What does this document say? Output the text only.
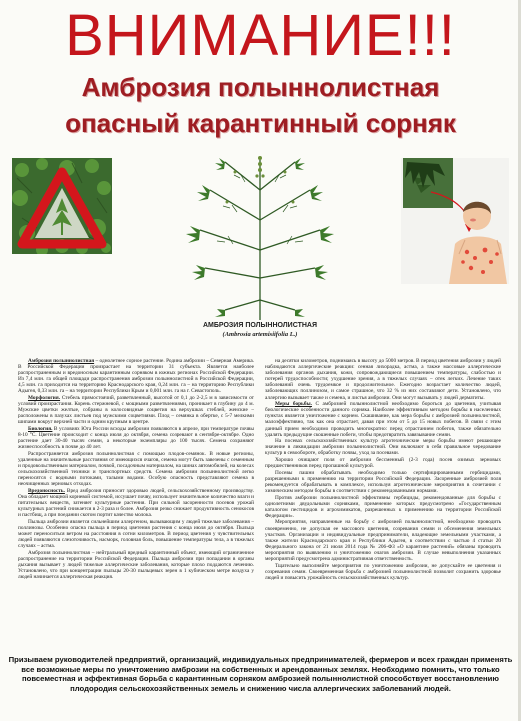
ВНИМАНИЕ!!!
Амброзия полыннолистная
опасный карантинный сорняк
АМБРОЗИЯ ПОЛЫННОЛИСТНАЯ
(Ambrosia artemisiifolia L.)

Амброзия полыннолистная – однолетнее сорное растение. Родина амброзии – Северная Америка. В Российской Федерации произрастает на территории 31 субъекта. Является наиболее распространенным и вредоносным карантинным сорняком в южных регионах Российской Федерации. Из 7,4 млн. га общей площади распространения амброзии полыннолистной в Российской Федерации, 4,5 млн. га приходится на территорию Краснодарского края, 0,24 млн. га – на территорию Республики Адыгея, 0,33 млн. га – на территории Республики Крым и 0,001 млн. га на г. Севастополь.

Морфология. Стебель прямостоячий, разветвленный, высотой от 0,1 до 2-2,5 м в зависимости от условий произрастания. Корень стержневой, с мощными разветвлениями, проникает в глубину до 4 м. Мужские цветки желтые, собраны в колосовидные соцветия на верхушках стеблей, женские – расположены в пазухах листьев под мужскими соцветиями. Плод – семянка в обертке, с 5-7 мелкими шипами вокруг верхней части и одним крупным в центре.

Биология. В условиях Юга России всходы амброзии появляются в апреле, при температуре почвы 8-10 °С. Цветение происходит с конца июля до октября, семена созревают в сентябре-октябре. Одно растение дает 30-40 тысяч семян, а некоторые экземпляры до 100 тысяч. Семена сохраняют жизнеспособность в почве до 40 лет.

Распространяется амброзия полыннолистная с помощью плодов-семянок. В новые регионы, удаленные на значительные расстояния от имеющихся очагов, семена могут быть завезены с семенным и продовольственным материалом, почвой, посадочным материалом, на шинах автомобилей, на колесах сельскохозяйственной техники и транспортных средств. Семена амброзии полыннолистной легко переносятся с водными потоками, талыми водами. Особую опасность представляют семена в неочищенных зерновых отходах.

Вредоносность. Вред амброзия приносит здоровью людей, сельскохозяйственному производству. Она обладает мощной корневой системой, иссушает почву, использует значительное количество влаги и питательных веществ, затеняет культурные растения. При сильной засоренности посевов урожай культурных растений снижается в 2-3 раза и более. Амброзия резко снижает продуктивность сенокосов и пастбищ, а при поедании скотом портит качество молока.

Пыльца амброзии является сильнейшим аллергеном, вызывающим у людей тяжелые заболевания – поллинозы. Особенно опасна пыльца в период цветения растения с конца июля до октября. Пыльца может переноситься ветром на расстояния в сотни километров. В период цветения у чувствительных людей появляются слезоточивость, насморк, головная боль, повышение температуры тела, а в тяжелых случаях – астма.

Амброзия полыннолистная – нейтральный вредный карантинный объект, имеющий ограниченное распространение на территории Российской Федерации. Пыльца амброзии при попадании в органы дыхания вызывает у людей тяжелые аллергические заболевания, которые плохо поддаются лечению. Установлено, что при концентрации пыльцы 20-30 пыльцевых зерен в 1 кубическом метре воздуха у людей начинается аллергическая реакция.

на десятки километров, поднимаясь в высоту до 5000 метров. В период цветения амброзии у людей наблюдаются аллергические реакции: сенная лихорадка, астма, а также массовые аллергические заболевания органов дыхания, кожи, сопровождающиеся повышением температуры, слабостью и потерей трудоспособности; ухудшение зрения, а в тяжелых случаях – отек легких. Лечение таких заболеваний очень трудоемкое и продолжительное. Ежегодно возрастает количество людей, заболевающих поллинозом, и самое страшное, что 32 % из них составляют дети. Установлено, что аллергию вызывает также и семена, и листья амброзии. Они могут вызывать у людей дерматиты.

Меры борьбы. С амброзией полыннолистной необходимо бороться до цветения, учитывая биологические особенности данного сорняка. Наиболее эффективным методом борьбы в населенных пунктах является уничтожение с корнем. Скашивание, как мера борьбы с амброзией полыннолистной, малоэффективно, так как она отрастает, давая при этом от 5 до 15 новых побегов. В связи с этим данный прием необходимо проводить многократно: перед отрастанием побегов, также обязательно удалять предыдущие скошенные побеги, чтобы предотвратить завязывание семян.

На посевах сельскохозяйственных культур агротехнические меры борьбы имеют решающее значение в ликвидации амброзии полыннолистной. Они включают в себя правильное чередование культур в севообороте, обработку почвы, уход за посевами.

Хорошо очищают поля от амброзии бессменный (2-3 года) посев озимых зерновых предшественников перед пропашной культурой.

Посевы пашни обрабатывать необходимо только сертифицированными гербицидами, разрешенными к применению на территории Российской Федерации. Засоренные амброзией поля рекомендуется обрабатывать в комплексе, используя агротехнические мероприятия в сочетании с химическим методом борьбы в соответствии с рекомендованными нормами.

Против амброзии полыннолистной эффективны гербициды, рекомендованные для борьбы с однолетними двудольными сорняками, применение которых предусмотрено «Государственным каталогом пестицидов и агрохимикатов, разрешенных к применению на территории Российской Федерации».

Мероприятия, направленные на борьбу с амброзией полыннолистной, необходимо проводить своевременно, не допуская ее массового цветения, созревания семян и обсеменения земельных участков. Организации и индивидуальные предприниматели, владеющие земельными участками, а также жители Краснодарского края и Республики Адыгея, в соответствии с частью 4 статьи 20 Федерального закона от 21 июля 2014 года № 206-ФЗ «О карантине растений» обязаны проводить мероприятия по выявлению и уничтожению очагов амброзии. В случае невыполнения указанных мероприятий предусмотрена административная ответственность.

Тщательно выполняйте мероприятия по уничтожению амброзии, не допускайте ее цветения и созревания семян. Своевременная борьба с амброзией полыннолистной позволит сохранить здоровье людей и повысить урожайность сельскохозяйственных культур.

Призываем руководителей предприятий, организаций, индивидуальных предпринимателей, фермеров и всех граждан применять все возможные меры по уничтожению амброзии на собственных и арендованных землях. Необходимо помнить, что только повсеместная и эффективная борьба с карантинным сорняком амброзией полыннолистной способствует восстановлению плодородия сельскохозяйственных земель и снижению числа аллергических заболеваний людей.
